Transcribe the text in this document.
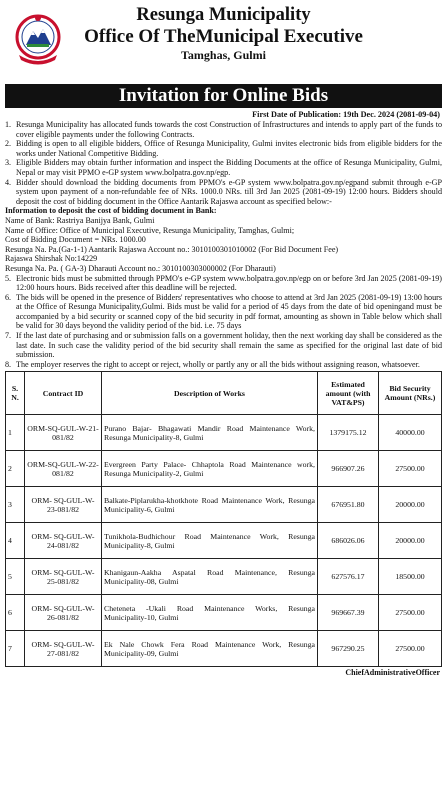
Resunga Municipality
Office Of TheMunicipal Executive
Tamghas, Gulmi
Invitation for Online Bids
First Date of Publication: 19th Dec. 2024 (2081-09-04)
1. Resunga Municipality has allocated funds towards the cost Construction of Infrastructures and intends to apply part of the funds to cover eligible payments under the following Contracts.
2. Bidding is open to all eligible bidders, Office of Resunga Municipality, Gulmi invites electronic bids from eligible bidders for the works under National Competitive Bidding.
3. Eligible Bidders may obtain further information and inspect the Bidding Documents at the office of Resunga Municipality, Gulmi, Nepal or may visit PPMO e-GP system www.bolpatra.gov.np/egp.
4. Bidder should download the bidding documents from PPMO's e-GP system www.bolpatra.gov.np/egpand submit through e-GP system upon payment of a non-refundable fee of NRs. 1000.0 NRs. till 3rd Jan 2025 (2081-09-19) 12:00 hours. Bidders should deposit the cost of bidding document in the Office Aantarik Rajaswa account as specified below:-
Information to deposit the cost of bidding document in Bank:
Name of Bank: Rastriya Banijya Bank, Gulmi
Name of Office: Office of Municipal Executive, Resunga Municipality, Tamghas, Gulmi;
Cost of Bidding Document = NRs. 1000.00
Resunga Na. Pa.(Ga-1-1) Aantarik Rajaswa Account no.: 3010100301010002 (For Bid Document Fee)
Rajaswa Shirshak No:14229
Resunga Na. Pa. ( GA-3) Dharauti Account no.: 3010100303000002 (For Dharauti)
5. Electronic bids must be submitted through PPMO's e-GP system www.bolpatra.gov.np/egp on or before 3rd Jan 2025 (2081-09-19) 12:00 hours hours. Bids received after this deadline will be rejected.
6. The bids will be opened in the presence of Bidders' representatives who choose to attend at 3rd Jan 2025 (2081-09-19) 13:00 hours at the Office of Resunga Municipality,Gulmi. Bids must be valid for a period of 45 days from the date of bid openingand must be accompanied by a bid security or scanned copy of the bid security in pdf format, amounting as shown in Table below which shall be valid for 30 days beyond the validity period of the bid. i.e. 75 days
7. If the last date of purchasing and or submission falls on a government holiday, then the next working day shall be considered as the last date. In such case the validity period of the bid security shall remain the same as specified for the original last date of bid submission.
8. The employer reserves the right to accept or reject, wholly or partly any or all the bids without assigning reason, whatsoever.
S. N.	Contract ID	Description of Works	Estimated amount (with VAT&PS)	Bid Security Amount (NRs.)
1	ORM-SQ-GUL-W-21-081/82	Purano Bajar- Bhagawati Mandir Road Maintenance Work, Resunga Municipality-8, Gulmi	1379175.12	40000.00
2	ORM-SQ-GUL-W-22-081/82	Evergreen Party Palace- Chhaptola Road Maintenance work, Resunga Municipality-2, Gulmi	966907.26	27500.00
3	ORM- SQ-GUL-W-23-081/82	Balkate-Piplarukha-khotkhote Road Maintenance Work, Resunga Municipality-6, Gulmi	676951.80	20000.00
4	ORM- SQ-GUL-W-24-081/82	Tunikhola-Budhichour Road Maintenance Work, Resunga Municipality-8, Gulmi	686026.06	20000.00
5	ORM- SQ-GUL-W-25-081/82	Khanigaun-Aakha Aspatal Road Maintenance, Resunga Municipality-08, Gulmi	627576.17	18500.00
6	ORM- SQ-GUL-W-26-081/82	Cheteneta -Ukali Road Maintenance Works, Resunga Municipality-10, Gulmi	969667.39	27500.00
7	ORM- SQ-GUL-W-27-081/82	Ek Nale Chowk Fera Road Maintenance Work, Resunga Municipality-09, Gulmi	967290.25	27500.00
ChiefAdministrativeOfficer
